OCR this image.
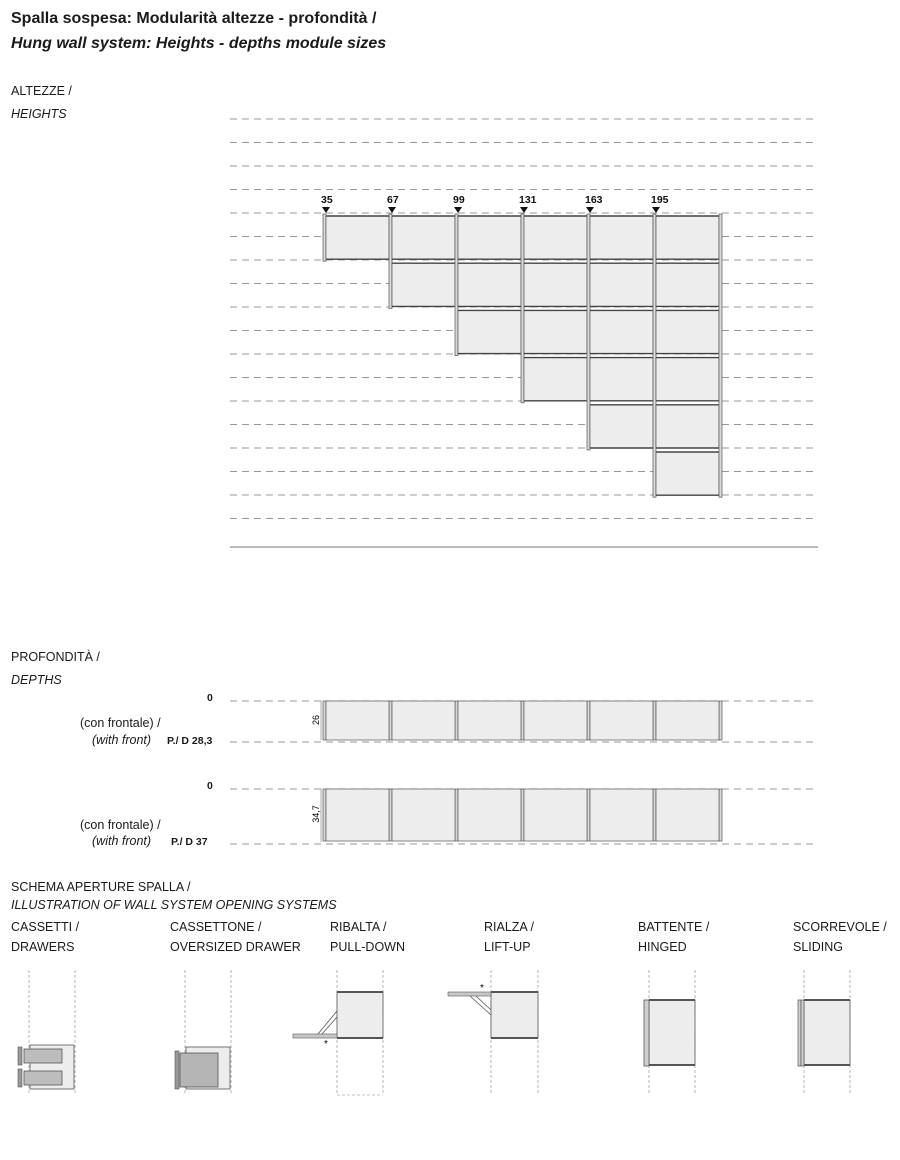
Spalla sospesa: Modularità altezze - profondità /
Hung wall system: Heights - depths module sizes
ALTEZZE /
HEIGHTS
35	67	99	131	163	195
PROFONDITÀ /
DEPTHS
0
(con frontale) /
(with front) P./ D 28,3
0
(con frontale) /
(with front) P./ D 37
26
34,7
SCHEMA APERTURE SPALLA /
ILLUSTRATION OF WALL SYSTEM OPENING SYSTEMS
CASSETTI /
DRAWERS
CASSETTONE /
OVERSIZED DRAWER
RIBALTA /
PULL-DOWN
RIALZA /
LIFT-UP
BATTENTE /
HINGED
SCORREVOLE /
SLIDING
*
*
